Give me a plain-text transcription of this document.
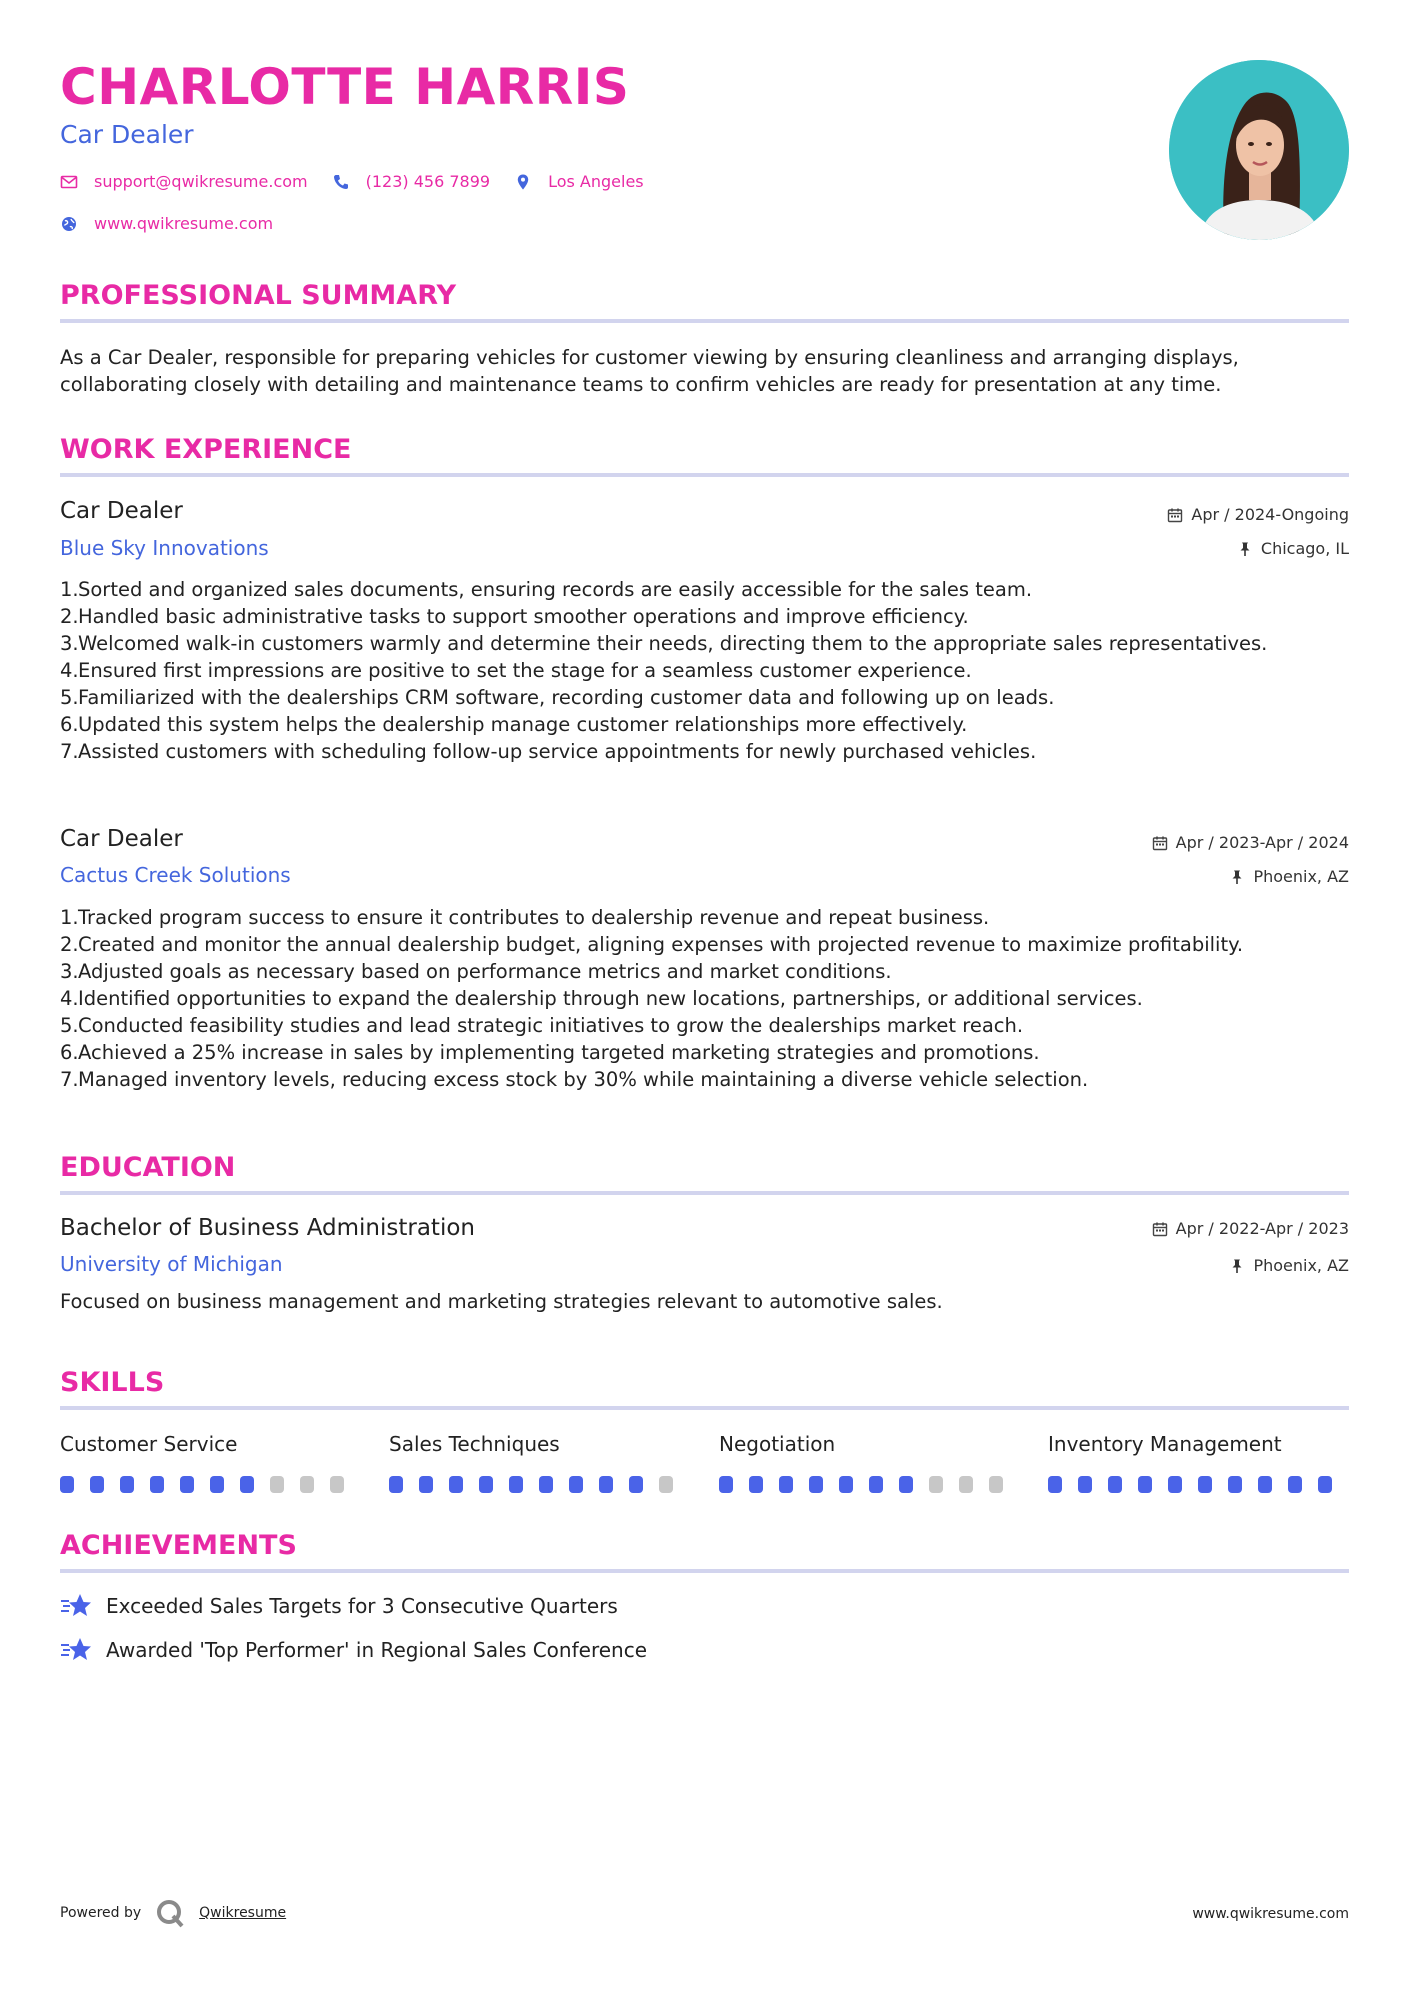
CHARLOTTE HARRIS
Car Dealer
support@qwikresume.com	(123) 456 7899	Los Angeles
www.qwikresume.com
PROFESSIONAL SUMMARY
As a Car Dealer, responsible for preparing vehicles for customer viewing by ensuring cleanliness and arranging displays, collaborating closely with detailing and maintenance teams to confirm vehicles are ready for presentation at any time.
WORK EXPERIENCE
Car Dealer	Apr / 2024-Ongoing
Blue Sky Innovations	Chicago, IL
1. Sorted and organized sales documents, ensuring records are easily accessible for the sales team.
2. Handled basic administrative tasks to support smoother operations and improve efficiency.
3. Welcomed walk-in customers warmly and determine their needs, directing them to the appropriate sales representatives.
4. Ensured first impressions are positive to set the stage for a seamless customer experience.
5. Familiarized with the dealerships CRM software, recording customer data and following up on leads.
6. Updated this system helps the dealership manage customer relationships more effectively.
7. Assisted customers with scheduling follow-up service appointments for newly purchased vehicles.
Car Dealer	Apr / 2023-Apr / 2024
Cactus Creek Solutions	Phoenix, AZ
1. Tracked program success to ensure it contributes to dealership revenue and repeat business.
2. Created and monitor the annual dealership budget, aligning expenses with projected revenue to maximize profitability.
3. Adjusted goals as necessary based on performance metrics and market conditions.
4. Identified opportunities to expand the dealership through new locations, partnerships, or additional services.
5. Conducted feasibility studies and lead strategic initiatives to grow the dealerships market reach.
6. Achieved a 25% increase in sales by implementing targeted marketing strategies and promotions.
7. Managed inventory levels, reducing excess stock by 30% while maintaining a diverse vehicle selection.
EDUCATION
Bachelor of Business Administration	Apr / 2022-Apr / 2023
University of Michigan	Phoenix, AZ
Focused on business management and marketing strategies relevant to automotive sales.
SKILLS
Customer Service	Sales Techniques	Negotiation	Inventory Management
ACHIEVEMENTS
Exceeded Sales Targets for 3 Consecutive Quarters
Awarded 'Top Performer' in Regional Sales Conference
Powered by	Qwikresume	www.qwikresume.com
